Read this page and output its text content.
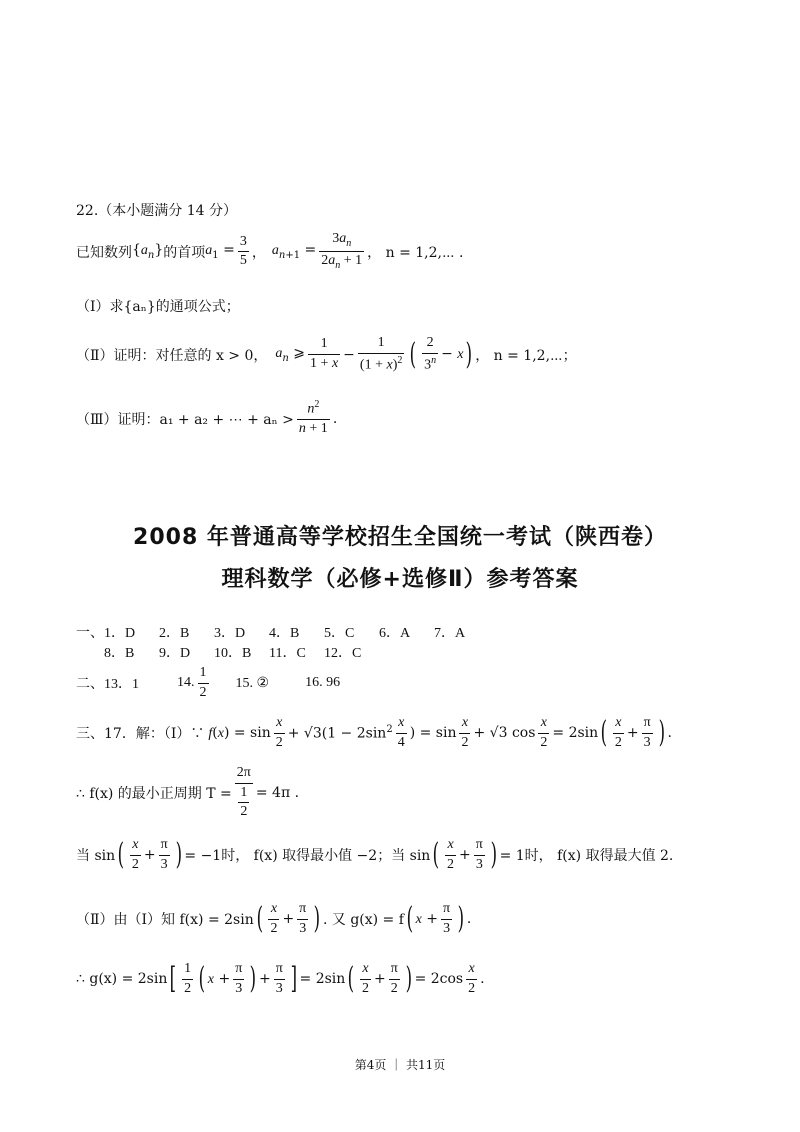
22.（本小题满分 14 分）
已知数列 $\{a_n\}$ 的首项 $a_1 = \frac{3}{5}$ ， $a_{n+1} = \frac{3a_n}{2a_n + 1}$ ， n = 1,2,⋯ .
（Ⅰ）求{aₙ}的通项公式；
（Ⅱ）证明：对任意的 x > 0， $a_n$ ⩾ $\frac{1}{1 + x} - \frac{1}{(1 + x)^2}$ ( $\frac{2}{3^n} - x$ ) ， n = 1,2,⋯；
（Ⅲ）证明：a₁ + a₂ + ⋯ + $a_n > \frac{n^2}{n + 1}$ .
2008 年普通高等学校招生全国统一考试（陕西卷）
理科数学（必修+选修Ⅱ）参考答案
一、1．D 2．B 3．D 4．B 5．C 6．A 7．A
8．B 9．D 10．B 11．C 12．C
二、13．1	14. $\frac{1}{2} 15$. ②	16. 96
三、17．解：（Ⅰ）∵ $f(x) = \sin \frac{x}{2} + √3(1 - 2\sin^2 \frac{x}{4}$ ) = $\sin \frac{x}{2} + √3$ $\cos \frac{x}{2} = 2\sin$ ( $\frac{x}{2} + \frac{\pi}{3}$ ) .
∴ f(x) 的最小正周期 $T = \frac{2\pi}{\frac{1}{2}} = 4\pi$ .
当 sin ( $\frac{x}{2} + \frac{\pi}{3}$ ) = −1时， f(x) 取得最小值 −2；当 sin ( $\frac{x}{2} + \frac{\pi}{3}$ ) = 1时， f(x) 取得最大值 2.
（Ⅱ）由（Ⅰ）知 f(x) = 2sin ( $\frac{x}{2} + \frac{\pi}{3}$ ) . 又 g(x) = f ( $x + \frac{\pi}{3}$ ) .
∴ g(x) = 2sin [ $\frac{1}{2}$ ( $x + \frac{\pi}{3}$ ) + $\frac{\pi}{3}$ ] = 2sin ( $\frac{x}{2} + \frac{\pi}{2}$ ) = $2\cos \frac{x}{2}$ .
第4页 ｜ 共11页
